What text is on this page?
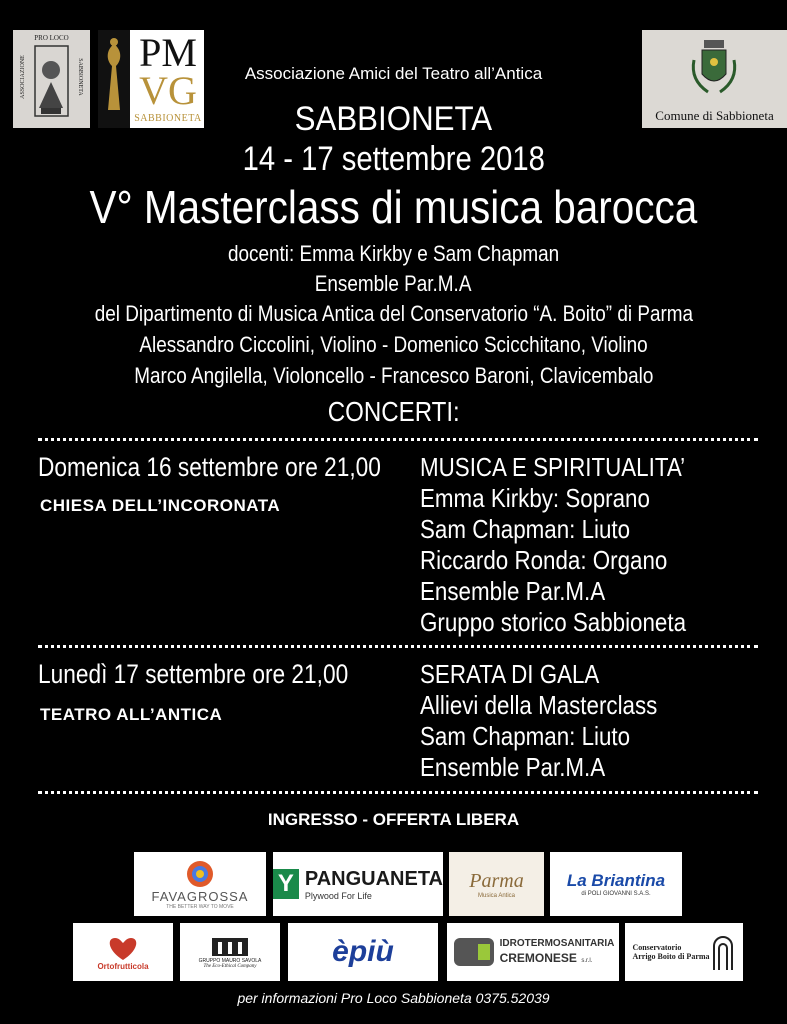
PRO LOCO
ASSOCIAZIONE	SABBIONETA
PM
VG
SABBIONETA	Comune di Sabbioneta
Associazione Amici del Teatro all’Antica
SABBIONETA
14 - 17 settembre 2018
V° Masterclass di musica barocca
docenti: Emma Kirkby e Sam Chapman
Ensemble Par.M.A
del Dipartimento di Musica Antica del Conservatorio “A. Boito” di Parma
Alessandro Ciccolini, Violino - Domenico Scicchitano, Violino
Marco Angilella, Violoncello - Francesco Baroni, Clavicembalo
CONCERTI:
Domenica 16 settembre ore 21,00
CHIESA DELL’INCORONATA
MUSICA E SPIRITUALITA’
Emma Kirkby: Soprano
Sam Chapman: Liuto
Riccardo Ronda: Organo
Ensemble Par.M.A
Gruppo storico Sabbioneta
Lunedì 17 settembre ore 21,00
TEATRO ALL’ANTICA
SERATA DI GALA
Allievi della Masterclass
Sam Chapman: Liuto
Ensemble Par.M.A
INGRESSO - OFFERTA LIBERA
FAVAGROSSA
THE BETTER WAY TO MOVE
Y PANGUANETA
Plywood For Life
Parma
Musica Antica
La Briantina
di POLI GIOVANNI S.A.S.
Ortofrutticola
GRUPPO MAURO SAVOLA
The Eco-Ethical Company	èpiù	IDROTERMOSANITARIA
CREMONESE s.r.l.
Conservatorio
Arrigo Boito di Parma
per informazioni Pro Loco Sabbioneta 0375.52039
